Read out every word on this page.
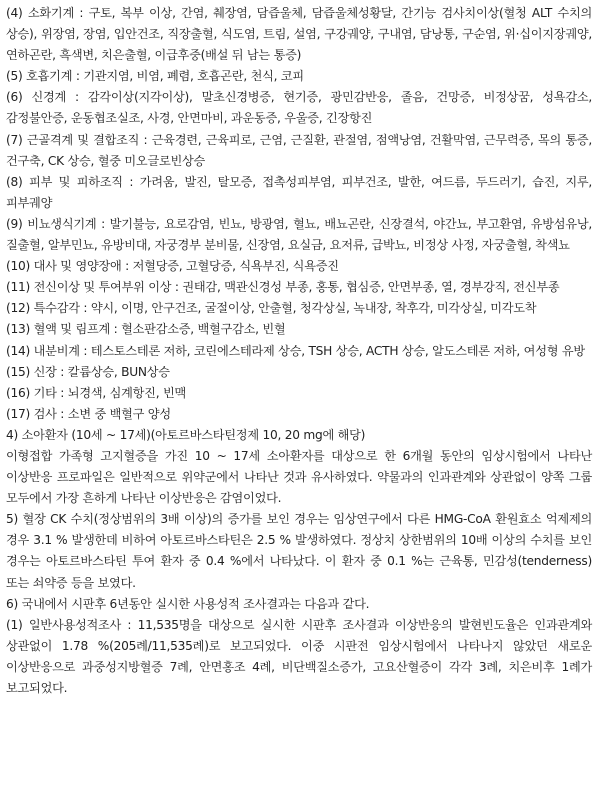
(4) 소화기계 : 구토, 복부 이상, 간염, 췌장염, 담즙울체, 담즙울체성황달, 간기능 검사치이상(혈청 ALT 수치의 상승), 위장염, 장염, 입안건조, 직장출혈, 식도염, 트림, 설염, 구강궤양, 구내염, 담낭통, 구순염, 위·십이지장궤양, 연하곤란, 흑색변, 치은출혈, 이급후중(배설 뒤 남는 통증)

(5) 호흡기계 : 기관지염, 비염, 폐렴, 호흡곤란, 천식, 코피

(6) 신경계 : 감각이상(지각이상), 말초신경병증, 현기증, 광민감반응, 졸음, 건망증, 비정상꿈, 성욕감소, 감정불안증, 운동협조실조, 사경, 안면마비, 과운동증, 우울증, 긴장항진

(7) 근골격계 및 결합조직 : 근육경련, 근육피로, 근염, 근질환, 관절염, 점액낭염, 건활막염, 근무력증, 목의 통증, 건구축, CK 상승, 혈중 미오글로빈상승

(8) 피부 및 피하조직 : 가려움, 발진, 탈모증, 접촉성피부염, 피부건조, 발한, 여드름, 두드러기, 습진, 지루, 피부궤양

(9) 비뇨생식기계 : 발기불능, 요로감염, 빈뇨, 방광염, 혈뇨, 배뇨곤란, 신장결석, 야간뇨, 부고환염, 유방섬유낭, 질출혈, 알부민뇨, 유방비대, 자궁경부 분비물, 신장염, 요실금, 요저류, 급박뇨, 비정상 사정, 자궁출혈, 착색뇨

(10) 대사 및 영양장애 : 저혈당증, 고혈당증, 식욕부진, 식욕증진

(11) 전신이상 및 투여부위 이상 : 권태감, 맥관신경성 부종, 홍통, 협심증, 안면부종, 열, 경부강직, 전신부종

(12) 특수감각 : 약시, 이명, 안구건조, 굴절이상, 안출혈, 청각상실, 녹내장, 착후각, 미각상실, 미각도착

(13) 혈액 및 림프계 : 혈소판감소증, 백혈구감소, 빈혈

(14) 내분비계 : 테스토스테론 저하, 코린에스테라제 상승, TSH 상승, ACTH 상승, 알도스테론 저하, 여성형 유방

(15) 신장 : 칼륨상승, BUN상승

(16) 기타 : 뇌경색, 심계항진, 빈맥

(17) 검사 : 소변 중 백혈구 양성

4) 소아환자 (10세 ~ 17세)(아토르바스타틴정제 10, 20 mg에 해당)

이형접합 가족형 고지혈증을 가진 10 ~ 17세 소아환자를 대상으로 한 6개월 동안의 임상시험에서 나타난 이상반응 프로파일은 일반적으로 위약군에서 나타난 것과 유사하였다. 약물과의 인과관계와 상관없이 양쪽 그룹 모두에서 가장 흔하게 나타난 이상반응은 감염이었다.

5) 혈장 CK 수치(정상범위의 3배 이상)의 증가를 보인 경우는 임상연구에서 다른 HMG-CoA 환원효소 억제제의 경우 3.1 % 발생한데 비하여 아토르바스타틴은 2.5 % 발생하였다. 정상치 상한범위의 10배 이상의 수치를 보인 경우는 아토르바스타틴 투여 환자 중 0.4 %에서 나타났다. 이 환자 중 0.1 %는 근육통, 민감성(tenderness) 또는 쇠약증 등을 보였다.

6) 국내에서 시판후 6년동안 실시한 사용성적 조사결과는 다음과 같다.

(1) 일반사용성적조사 : 11,535명을 대상으로 실시한 시판후 조사결과 이상반응의 발현빈도율은 인과관계와 상관없이 1.78 %(205례/11,535례)로 보고되었다. 이중 시판전 임상시험에서 나타나지 않았던 새로운 이상반응으로 과중성지방혈증 7례, 안면홍조 4례, 비단백질소증가, 고요산혈증이 각각 3례, 치은비후 1례가 보고되었다.
